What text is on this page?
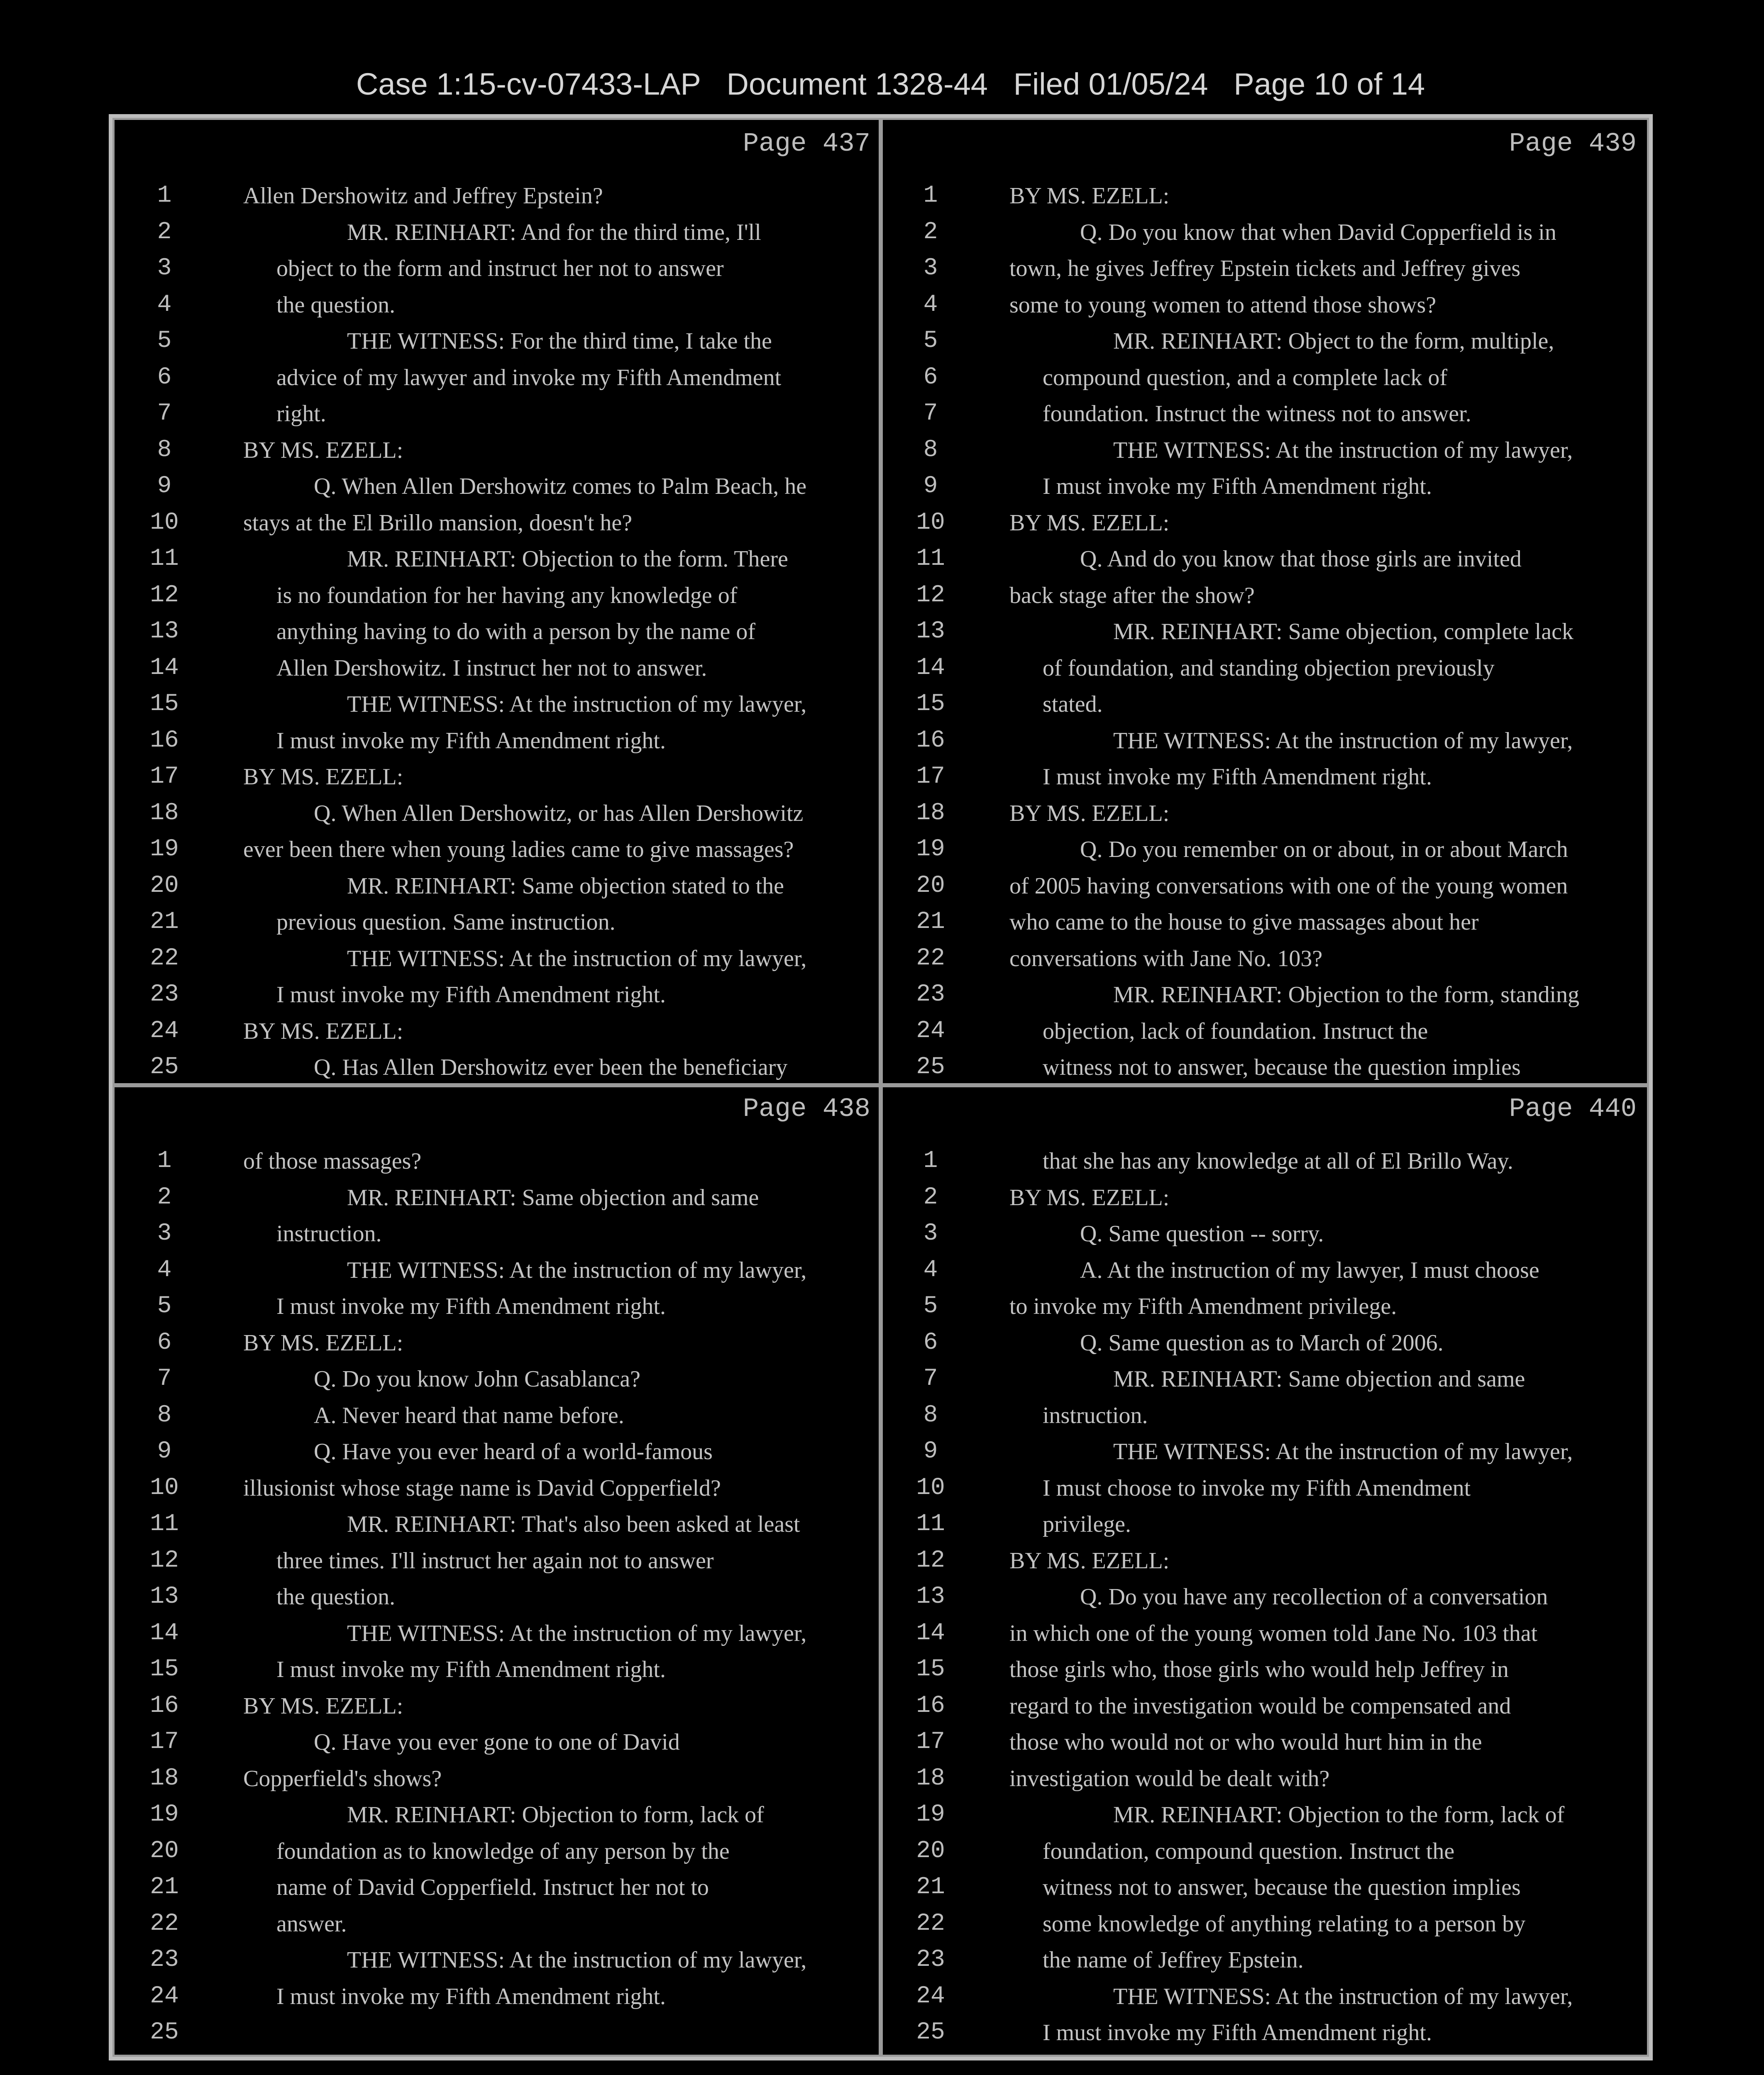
Case 1:15-cv-07433-LAP Document 1328-44 Filed 01/05/24 Page 10 of 14

Page 437
1	Allen Dershowitz and Jeffrey Epstein?
2	MR. REINHART: And for the third time, I'll
3	object to the form and instruct her not to answer
4	the question.
5	THE WITNESS: For the third time, I take the
6	advice of my lawyer and invoke my Fifth Amendment
7	right.
8	BY MS. EZELL:
9	Q. When Allen Dershowitz comes to Palm Beach, he
10	stays at the El Brillo mansion, doesn't he?
11	MR. REINHART: Objection to the form. There
12	is no foundation for her having any knowledge of
13	anything having to do with a person by the name of
14	Allen Dershowitz. I instruct her not to answer.
15	THE WITNESS: At the instruction of my lawyer,
16	I must invoke my Fifth Amendment right.
17	BY MS. EZELL:
18	Q. When Allen Dershowitz, or has Allen Dershowitz
19	ever been there when young ladies came to give massages?
20	MR. REINHART: Same objection stated to the
21	previous question. Same instruction.
22	THE WITNESS: At the instruction of my lawyer,
23	I must invoke my Fifth Amendment right.
24	BY MS. EZELL:
25	Q. Has Allen Dershowitz ever been the beneficiary
Page 439
1	BY MS. EZELL:
2	Q. Do you know that when David Copperfield is in
3	town, he gives Jeffrey Epstein tickets and Jeffrey gives
4	some to young women to attend those shows?
5	MR. REINHART: Object to the form, multiple,
6	compound question, and a complete lack of
7	foundation. Instruct the witness not to answer.
8	THE WITNESS: At the instruction of my lawyer,
9	I must invoke my Fifth Amendment right.
10	BY MS. EZELL:
11	Q. And do you know that those girls are invited
12	back stage after the show?
13	MR. REINHART: Same objection, complete lack
14	of foundation, and standing objection previously
15	stated.
16	THE WITNESS: At the instruction of my lawyer,
17	I must invoke my Fifth Amendment right.
18	BY MS. EZELL:
19	Q. Do you remember on or about, in or about March
20	of 2005 having conversations with one of the young women
21	who came to the house to give massages about her
22	conversations with Jane No. 103?
23	MR. REINHART: Objection to the form, standing
24	objection, lack of foundation. Instruct the
25	witness not to answer, because the question implies
Page 438
1	of those massages?
2	MR. REINHART: Same objection and same
3	instruction.
4	THE WITNESS: At the instruction of my lawyer,
5	I must invoke my Fifth Amendment right.
6	BY MS. EZELL:
7	Q. Do you know John Casablanca?
8	A. Never heard that name before.
9	Q. Have you ever heard of a world-famous
10	illusionist whose stage name is David Copperfield?
11	MR. REINHART: That's also been asked at least
12	three times. I'll instruct her again not to answer
13	the question.
14	THE WITNESS: At the instruction of my lawyer,
15	I must invoke my Fifth Amendment right.
16	BY MS. EZELL:
17	Q. Have you ever gone to one of David
18	Copperfield's shows?
19	MR. REINHART: Objection to form, lack of
20	foundation as to knowledge of any person by the
21	name of David Copperfield. Instruct her not to
22	answer.
23	THE WITNESS: At the instruction of my lawyer,
24	I must invoke my Fifth Amendment right.
25
Page 440
1	that she has any knowledge at all of El Brillo Way.
2	BY MS. EZELL:
3	Q. Same question -- sorry.
4	A. At the instruction of my lawyer, I must choose
5	to invoke my Fifth Amendment privilege.
6	Q. Same question as to March of 2006.
7	MR. REINHART: Same objection and same
8	instruction.
9	THE WITNESS: At the instruction of my lawyer,
10	I must choose to invoke my Fifth Amendment
11	privilege.
12	BY MS. EZELL:
13	Q. Do you have any recollection of a conversation
14	in which one of the young women told Jane No. 103 that
15	those girls who, those girls who would help Jeffrey in
16	regard to the investigation would be compensated and
17	those who would not or who would hurt him in the
18	investigation would be dealt with?
19	MR. REINHART: Objection to the form, lack of
20	foundation, compound question. Instruct the
21	witness not to answer, because the question implies
22	some knowledge of anything relating to a person by
23	the name of Jeffrey Epstein.
24	THE WITNESS: At the instruction of my lawyer,
25	I must invoke my Fifth Amendment right.
